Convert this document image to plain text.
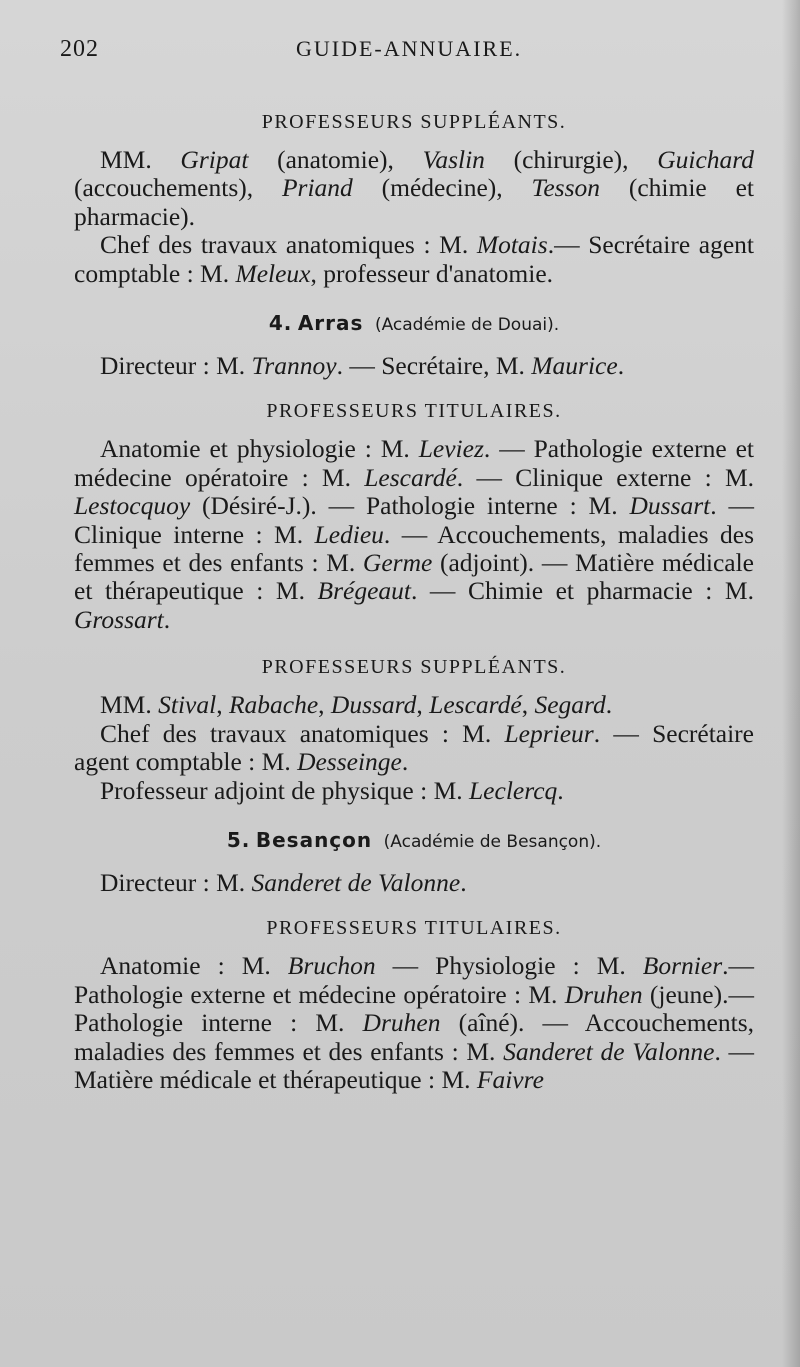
202	GUIDE-ANNUAIRE.
PROFESSEURS SUPPLÉANTS.

MM. Gripat (anatomie), Vaslin (chirurgie), Guichard (accouchements), Priand (médecine), Tesson (chimie et pharmacie).

Chef des travaux anatomiques : M. Motais.— Secrétaire agent comptable : M. Meleux, professeur d'anatomie.

4. Arras (Académie de Douai).

Directeur : M. Trannoy. — Secrétaire, M. Maurice.

PROFESSEURS TITULAIRES.

Anatomie et physiologie : M. Leviez. — Pathologie externe et médecine opératoire : M. Lescardé. — Clinique externe : M. Lestocquoy (Désiré-J.). — Pathologie interne : M. Dussart. — Clinique interne : M. Ledieu. — Accouchements, maladies des femmes et des enfants : M. Germe (adjoint). — Matière médicale et thérapeutique : M. Brégeaut. — Chimie et pharmacie : M. Grossart.

PROFESSEURS SUPPLÉANTS.

MM. Stival, Rabache, Dussard, Lescardé, Segard.

Chef des travaux anatomiques : M. Leprieur. — Secrétaire agent comptable : M. Desseinge.

Professeur adjoint de physique : M. Leclercq.

5. Besançon (Académie de Besançon).

Directeur : M. Sanderet de Valonne.

PROFESSEURS TITULAIRES.

Anatomie : M. Bruchon — Physiologie : M. Bornier.— Pathologie externe et médecine opératoire : M. Druhen (jeune).— Pathologie interne : M. Druhen (aîné). — Accouchements, maladies des femmes et des enfants : M. Sanderet de Valonne. — Matière médicale et thérapeutique : M. Faivre
